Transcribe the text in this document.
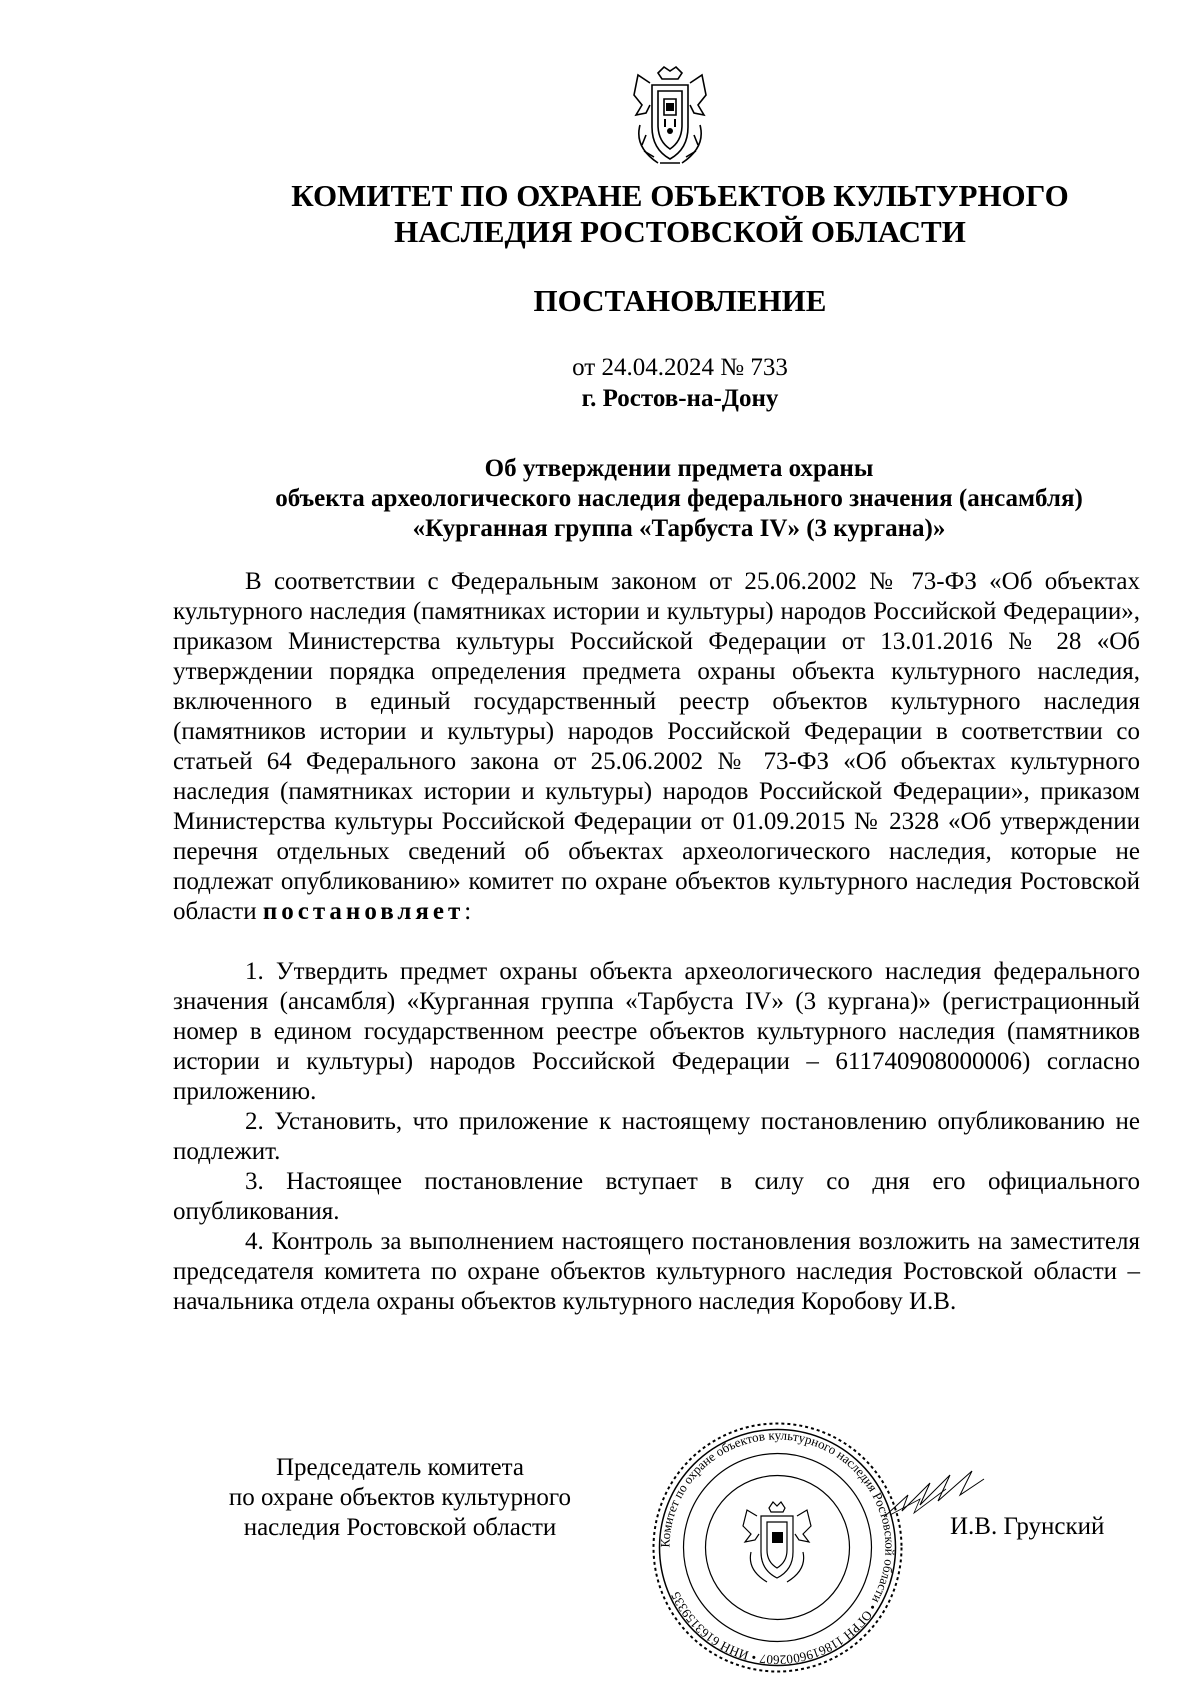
КОМИТЕТ ПО ОХРАНЕ ОБЪЕКТОВ КУЛЬТУРНОГО
НАСЛЕДИЯ РОСТОВСКОЙ ОБЛАСТИ
ПОСТАНОВЛЕНИЕ
от 24.04.2024 № 733
г. Ростов-на-Дону
Об утверждении предмета охраны
объекта археологического наследия федерального значения (ансамбля)
«Курганная группа «Тарбуста IV» (3 кургана)»

В соответствии с Федеральным законом от 25.06.2002 № 73-ФЗ «Об объектах культурного наследия (памятниках истории и культуры) народов Российской Федерации», приказом Министерства культуры Российской Федерации от 13.01.2016 № 28 «Об утверждении порядка определения предмета охраны объекта культурного наследия, включенного в единый государственный реестр объектов культурного наследия (памятников истории и культуры) народов Российской Федерации в соответствии со статьей 64 Федерального закона от 25.06.2002 № 73-ФЗ «Об объектах культурного наследия (памятниках истории и культуры) народов Российской Федерации», приказом Министерства культуры Российской Федерации от 01.09.2015 № 2328 «Об утверждении перечня отдельных сведений об объектах археологического наследия, которые не подлежат опубликованию» комитет по охране объектов культурного наследия Ростовской области постановляет:

1. Утвердить предмет охраны объекта археологического наследия федерального значения (ансамбля) «Курганная группа «Тарбуста IV» (3 кургана)» (регистрационный номер в едином государственном реестре объектов культурного наследия (памятников истории и культуры) народов Российской Федерации – 611740908000006) согласно приложению.

2. Установить, что приложение к настоящему постановлению опубликованию не подлежит.

3. Настоящее постановление вступает в силу со дня его официального опубликования.

4. Контроль за выполнением настоящего постановления возложить на заместителя председателя комитета по охране объектов культурного наследия Ростовской области – начальника отдела охраны объектов культурного наследия Коробову И.В.

Председатель комитета
по охране объектов культурного
наследия Ростовской области
Комитет по охране объектов культурного наследия Ростовской области • ОГРН 1186196002607 • ИНН 6163159335
И.В. Грунский
